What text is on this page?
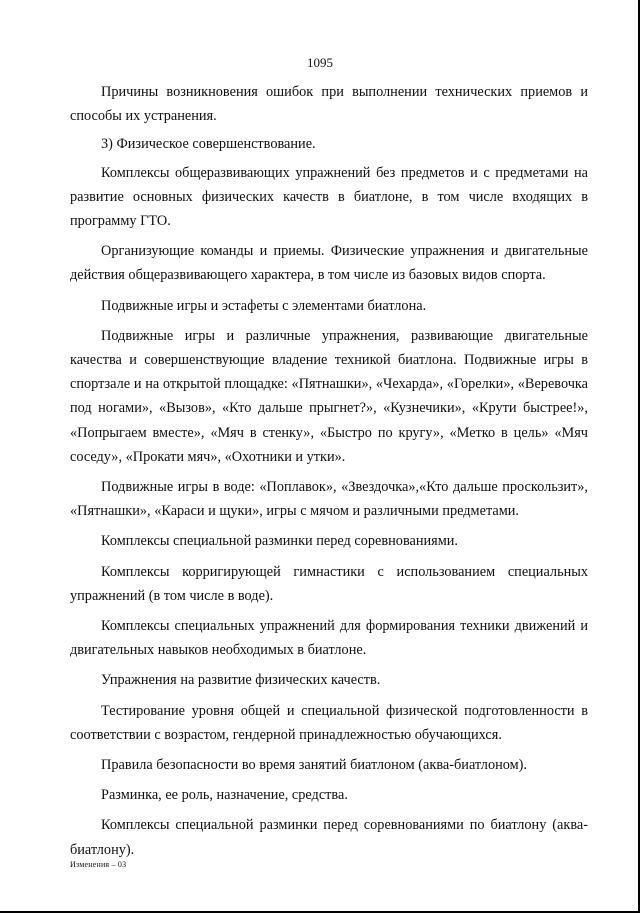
1095

Причины возникновения ошибок при выполнении технических приемов и способы их устранения.

3) Физическое совершенствование.

Комплексы общеразвивающих упражнений без предметов и с предметами на развитие основных физических качеств в биатлоне, в том числе входящих в программу ГТО.

Организующие команды и приемы. Физические упражнения и двигательные действия общеразвивающего характера, в том числе из базовых видов спорта.

Подвижные игры и эстафеты с элементами биатлона.

Подвижные игры и различные упражнения, развивающие двигательные качества и совершенствующие владение техникой биатлона. Подвижные игры в спортзале и на открытой площадке: «Пятнашки», «Чехарда», «Горелки», «Веревочка под ногами», «Вызов», «Кто дальше прыгнет?», «Кузнечики», «Крути быстрее!», «Попрыгаем вместе», «Мяч в стенку», «Быстро по кругу», «Метко в цель» «Мяч соседу», «Прокати мяч», «Охотники и утки».

Подвижные игры в воде: «Поплавок», «Звездочка»,«Кто дальше проскользит», «Пятнашки», «Караси и щуки», игры с мячом и различными предметами.

Комплексы специальной разминки перед соревнованиями.

Комплексы корригирующей гимнастики с использованием специальных упражнений (в том числе в воде).

Комплексы специальных упражнений для формирования техники движений и двигательных навыков необходимых в биатлоне.

Упражнения на развитие физических качеств.

Тестирование уровня общей и специальной физической подготовленности в соответствии с возрастом, гендерной принадлежностью обучающихся.

Правила безопасности во время занятий биатлоном (аква-биатлоном).

Разминка, ее роль, назначение, средства.

Комплексы специальной разминки перед соревнованиями по биатлону (аква-биатлону).

Изменения – 03
